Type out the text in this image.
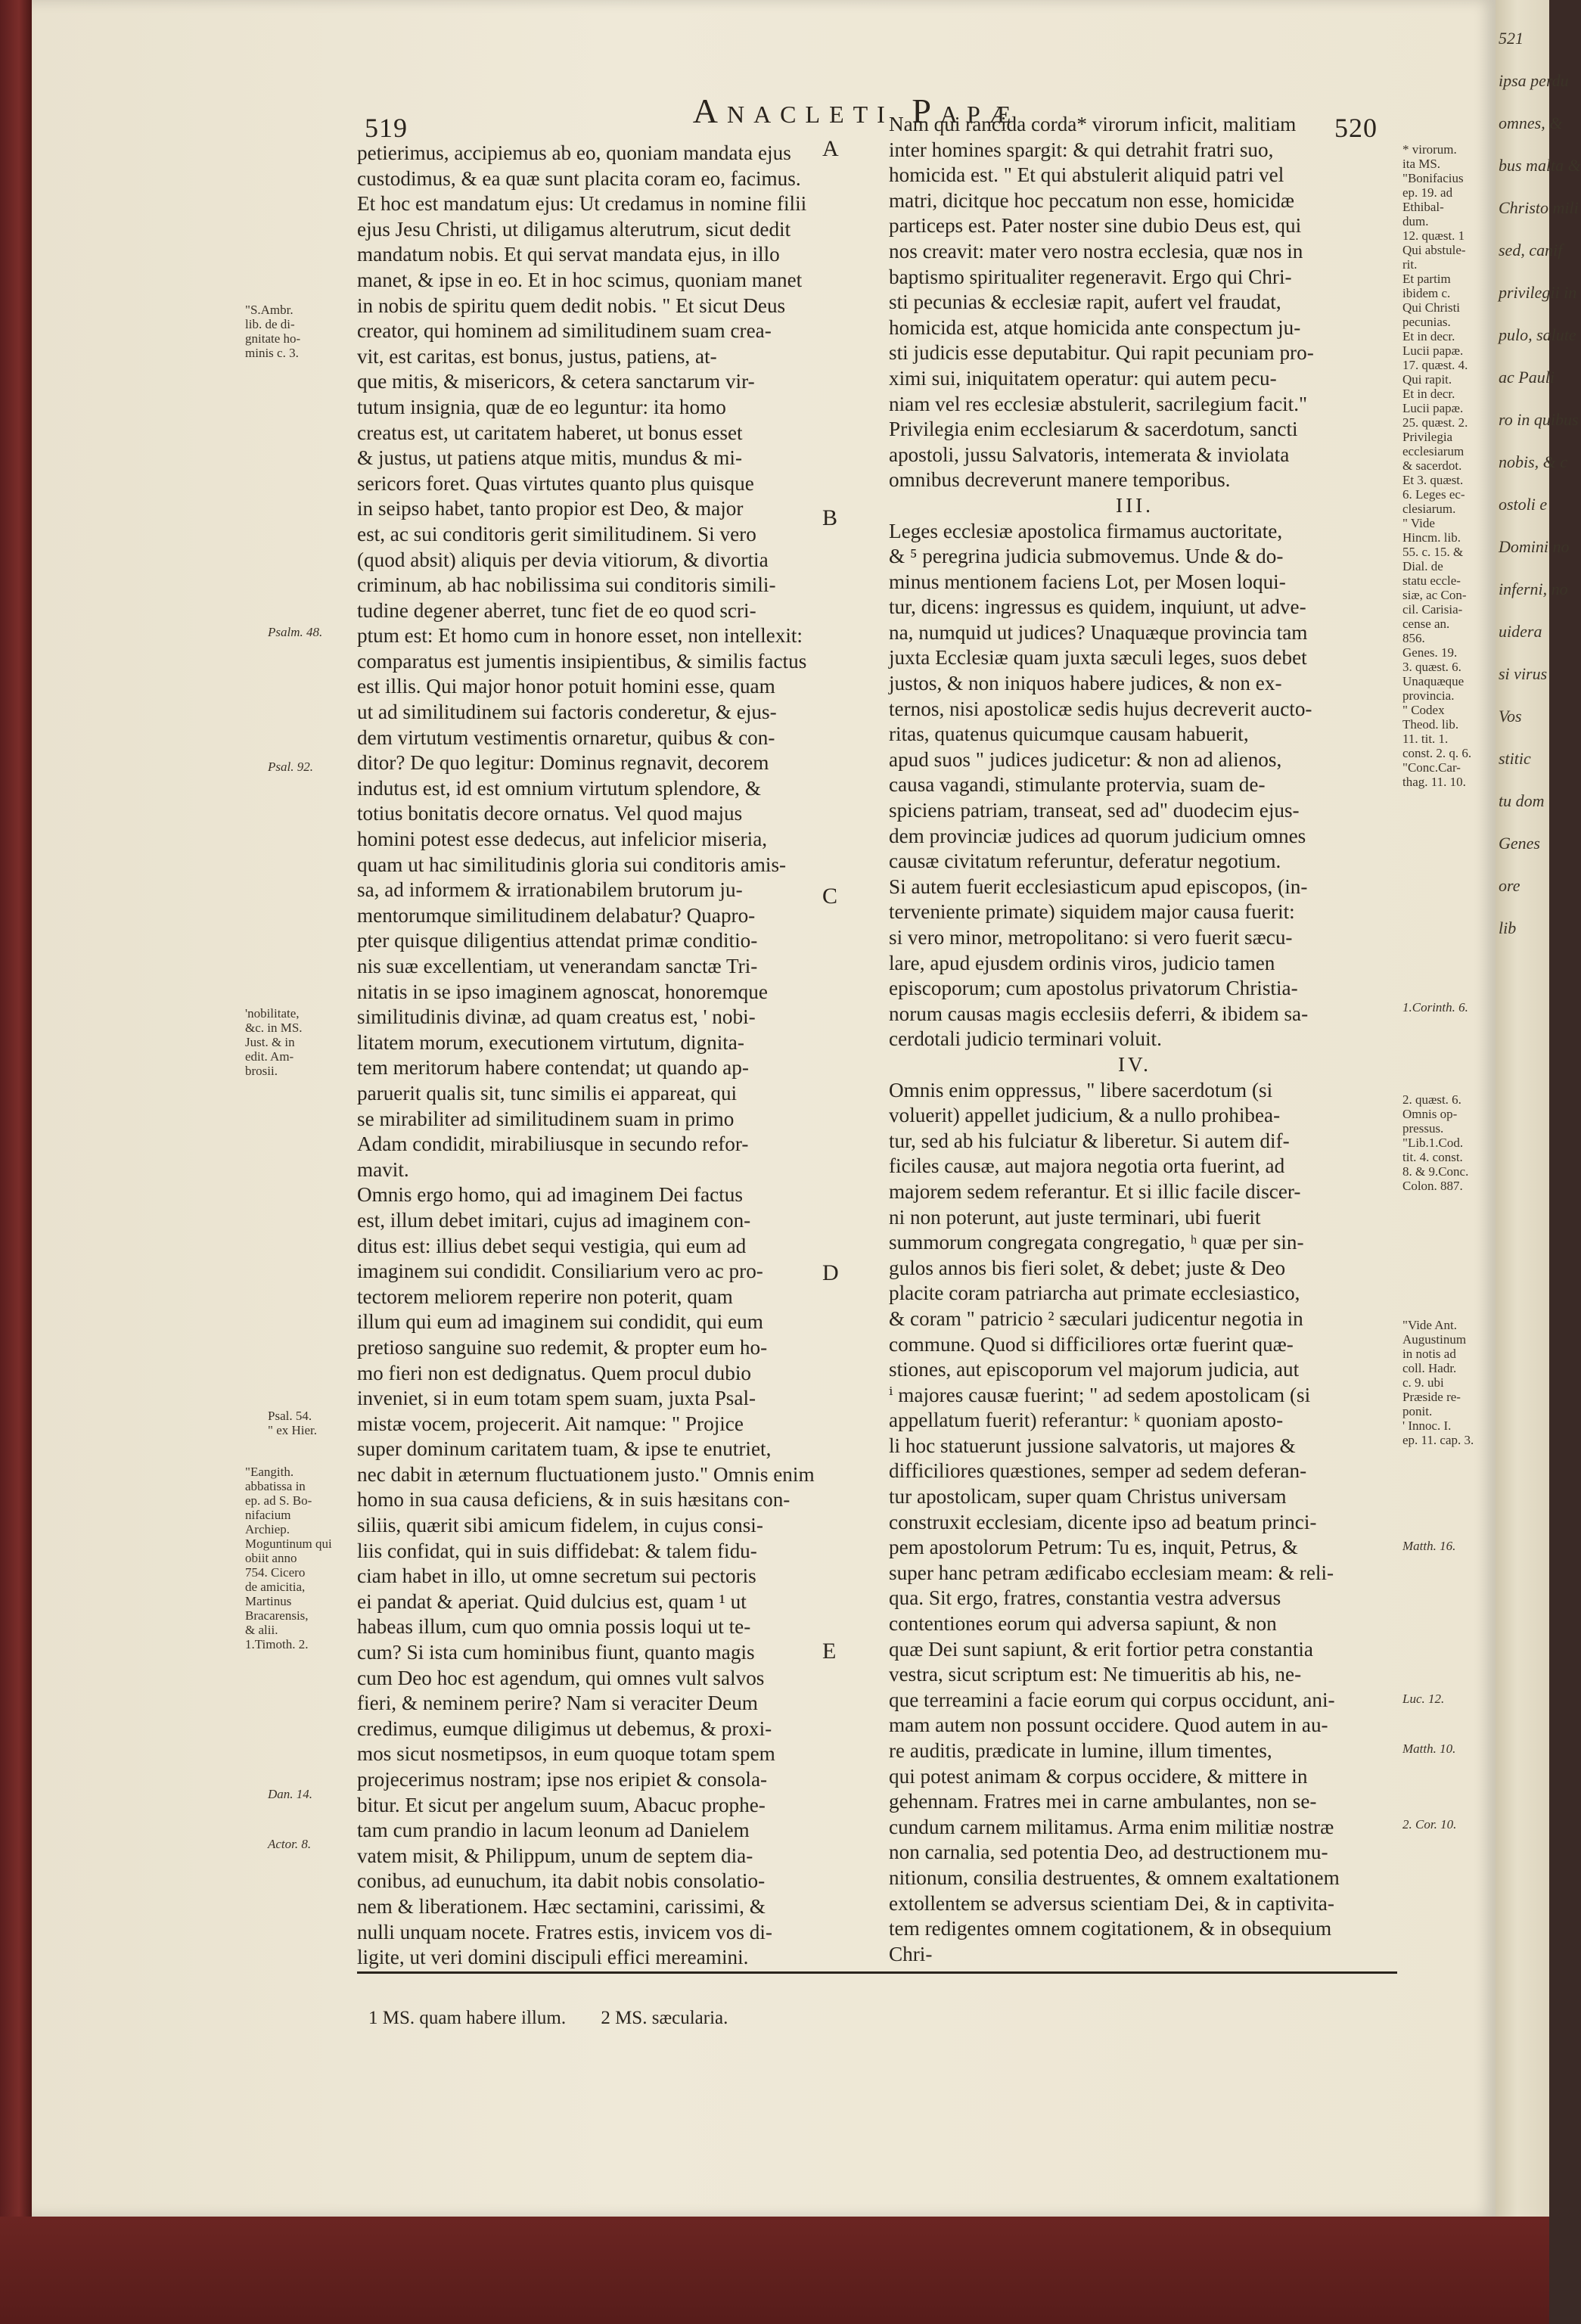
519	Anacleti Papæ	520
A
B
C
D
E
petierimus, accipiemus ab eo, quoniam mandata ejus
custodimus, & ea quæ sunt placita coram eo, facimus.
Et hoc est mandatum ejus: Ut credamus in nomine filii
ejus Jesu Christi, ut diligamus alterutrum, sicut dedit
mandatum nobis. Et qui servat mandata ejus, in illo
manet, & ipse in eo. Et in hoc scimus, quoniam manet
in nobis de spiritu quem dedit nobis. " Et sicut Deus
creator, qui hominem ad similitudinem suam crea-
vit, est caritas, est bonus, justus, patiens, at-
que mitis, & misericors, & cetera sanctarum vir-
tutum insignia, quæ de eo leguntur: ita homo
creatus est, ut caritatem haberet, ut bonus esset
& justus, ut patiens atque mitis, mundus & mi-
sericors foret. Quas virtutes quanto plus quisque
in seipso habet, tanto propior est Deo, & major
est, ac sui conditoris gerit similitudinem. Si vero
(quod absit) aliquis per devia vitiorum, & divortia
criminum, ab hac nobilissima sui conditoris simili-
tudine degener aberret, tunc fiet de eo quod scri-
ptum est: Et homo cum in honore esset, non intellexit:
comparatus est jumentis insipientibus, & similis factus
est illis. Qui major honor potuit homini esse, quam
ut ad similitudinem sui factoris conderetur, & ejus-
dem virtutum vestimentis ornaretur, quibus & con-
ditor? De quo legitur: Dominus regnavit, decorem
indutus est, id est omnium virtutum splendore, &
totius bonitatis decore ornatus. Vel quod majus
homini potest esse dedecus, aut infelicior miseria,
quam ut hac similitudinis gloria sui conditoris amis-
sa, ad informem & irrationabilem brutorum ju-
mentorumque similitudinem delabatur? Quapro-
pter quisque diligentius attendat primæ conditio-
nis suæ excellentiam, ut venerandam sanctæ Tri-
nitatis in se ipso imaginem agnoscat, honoremque
similitudinis divinæ, ad quam creatus est, ' nobi-
litatem morum, executionem virtutum, dignita-
tem meritorum habere contendat; ut quando ap-
paruerit qualis sit, tunc similis ei appareat, qui
se mirabiliter ad similitudinem suam in primo
Adam condidit, mirabiliusque in secundo refor-
mavit.
Omnis ergo homo, qui ad imaginem Dei factus
est, illum debet imitari, cujus ad imaginem con-
ditus est: illius debet sequi vestigia, qui eum ad
imaginem sui condidit. Consiliarium vero ac pro-
tectorem meliorem reperire non poterit, quam
illum qui eum ad imaginem sui condidit, qui eum
pretioso sanguine suo redemit, & propter eum ho-
mo fieri non est dedignatus. Quem procul dubio
inveniet, si in eum totam spem suam, juxta Psal-
mistæ vocem, projecerit. Ait namque: " Projice
super dominum caritatem tuam, & ipse te enutriet,
nec dabit in æternum fluctuationem justo." Omnis enim
homo in sua causa deficiens, & in suis hæsitans con-
siliis, quærit sibi amicum fidelem, in cujus consi-
liis confidat, qui in suis diffidebat: & talem fidu-
ciam habet in illo, ut omne secretum sui pectoris
ei pandat & aperiat. Quid dulcius est, quam ¹ ut
habeas illum, cum quo omnia possis loqui ut te-
cum? Si ista cum hominibus fiunt, quanto magis
cum Deo hoc est agendum, qui omnes vult salvos
fieri, & neminem perire? Nam si veraciter Deum
credimus, eumque diligimus ut debemus, & proxi-
mos sicut nosmetipsos, in eum quoque totam spem
projecerimus nostram; ipse nos eripiet & consola-
bitur. Et sicut per angelum suum, Abacuc prophe-
tam cum prandio in lacum leonum ad Danielem
vatem misit, & Philippum, unum de septem dia-
conibus, ad eunuchum, ita dabit nobis consolatio-
nem & liberationem. Hæc sectamini, carissimi, &
nulli unquam nocete. Fratres estis, invicem vos di-
ligite, ut veri domini discipuli effici mereamini.
Nam qui rancida corda* virorum inficit, malitiam
inter homines spargit: & qui detrahit fratri suo,
homicida est. " Et qui abstulerit aliquid patri vel
matri, dicitque hoc peccatum non esse, homicidæ
particeps est. Pater noster sine dubio Deus est, qui
nos creavit: mater vero nostra ecclesia, quæ nos in
baptismo spiritualiter regeneravit. Ergo qui Chri-
sti pecunias & ecclesiæ rapit, aufert vel fraudat,
homicida est, atque homicida ante conspectum ju-
sti judicis esse deputabitur. Qui rapit pecuniam pro-
ximi sui, iniquitatem operatur: qui autem pecu-
niam vel res ecclesiæ abstulerit, sacrilegium facit."
Privilegia enim ecclesiarum & sacerdotum, sancti
apostoli, jussu Salvatoris, intemerata & inviolata
omnibus decreverunt manere temporibus.
III.
Leges ecclesiæ apostolica firmamus auctoritate,
& ⁵ peregrina judicia submovemus. Unde & do-
minus mentionem faciens Lot, per Mosen loqui-
tur, dicens: ingressus es quidem, inquiunt, ut adve-
na, numquid ut judices? Unaquæque provincia tam
juxta Ecclesiæ quam juxta sæculi leges, suos debet
justos, & non iniquos habere judices, & non ex-
ternos, nisi apostolicæ sedis hujus decreverit aucto-
ritas, quatenus quicumque causam habuerit,
apud suos " judices judicetur: & non ad alienos,
causa vagandi, stimulante protervia, suam de-
spiciens patriam, transeat, sed ad" duodecim ejus-
dem provinciæ judices ad quorum judicium omnes
causæ civitatum referuntur, deferatur negotium.
Si autem fuerit ecclesiasticum apud episcopos, (in-
terveniente primate) siquidem major causa fuerit:
si vero minor, metropolitano: si vero fuerit sæcu-
lare, apud ejusdem ordinis viros, judicio tamen
episcoporum; cum apostolus privatorum Christia-
norum causas magis ecclesiis deferri, & ibidem sa-
cerdotali judicio terminari voluit.
IV.
Omnis enim oppressus, " libere sacerdotum (si
voluerit) appellet judicium, & a nullo prohibea-
tur, sed ab his fulciatur & liberetur. Si autem dif-
ficiles causæ, aut majora negotia orta fuerint, ad
majorem sedem referantur. Et si illic facile discer-
ni non poterunt, aut juste terminari, ubi fuerit
summorum congregata congregatio, ʰ quæ per sin-
gulos annos bis fieri solet, & debet; juste & Deo
placite coram patriarcha aut primate ecclesiastico,
& coram " patricio ² sæculari judicentur negotia in
commune. Quod si difficiliores ortæ fuerint quæ-
stiones, aut episcoporum vel majorum judicia, aut
ⁱ majores causæ fuerint; " ad sedem apostolicam (si
appellatum fuerit) referantur: ᵏ quoniam aposto-
li hoc statuerunt jussione salvatoris, ut majores &
difficiliores quæstiones, semper ad sedem deferan-
tur apostolicam, super quam Christus universam
construxit ecclesiam, dicente ipso ad beatum princi-
pem apostolorum Petrum: Tu es, inquit, Petrus, &
super hanc petram ædificabo ecclesiam meam: & reli-
qua. Sit ergo, fratres, constantia vestra adversus
contentiones eorum qui adversa sapiunt, & non
quæ Dei sunt sapiunt, & erit fortior petra constantia
vestra, sicut scriptum est: Ne timueritis ab his, ne-
que terreamini a facie eorum qui corpus occidunt, ani-
mam autem non possunt occidere. Quod autem in au-
re auditis, prædicate in lumine, illum timentes,
qui potest animam & corpus occidere, & mittere in
gehennam. Fratres mei in carne ambulantes, non se-
cundum carnem militamus. Arma enim militiæ nostræ
non carnalia, sed potentia Deo, ad destructionem mu-
nitionum, consilia destruentes, & omnem exaltationem
extollentem se adversus scientiam Dei, & in captivita-
tem redigentes omnem cogitationem, & in obsequium
Chri-
"S.Ambr.
lib. de di-
gnitate ho-
minis c. 3.
Psalm. 48.
Psal. 92.
'nobilitate,
&c. in MS.
Just. & in
edit. Am-
brosii.
Psal. 54.
" ex Hier.
"Eangith.
abbatissa in
ep. ad S. Bo-
nifacium
Archiep.
Moguntinum qui
obiit anno
754. Cicero
de amicitia,
Martinus
Bracarensis,
& alii.
1.Timoth. 2.
Dan. 14.
Actor. 8.
* virorum.
ita MS.
"Bonifacius
ep. 19. ad
Ethibal-
dum.
12. quæst. 1
Qui abstule-
rit.
Et partim
ibidem c.
Qui Christi
pecunias.
Et in decr.
Lucii papæ.
17. quæst. 4.
Qui rapit.
Et in decr.
Lucii papæ.
25. quæst. 2.
Privilegia
ecclesiarum
& sacerdot.
Et 3. quæst.
6. Leges ec-
clesiarum.
" Vide
Hincm. lib.
55. c. 15. &
Dial. de
statu eccle-
siæ, ac Con-
cil. Carisia-
cense an.
856.
Genes. 19.
3. quæst. 6.
Unaquæque
provincia.
" Codex
Theod. lib.
11. tit. 1.
const. 2. q. 6.
"Conc.Car-
thag. 11. 10.
1.Corinth. 6.
2. quæst. 6.
Omnis op-
pressus.
"Lib.1.Cod.
tit. 4. const.
8. & 9.Conc.
Colon. 887.
"Vide Ant.
Augustinum
in notis ad
coll. Hadr.
c. 9. ubi
Præside re-
ponit.
' Innoc. I.
ep. 11. cap. 3.
Matth. 16.
Luc. 12.
Matth. 10.
2. Cor. 10.
1 MS. quam habere illum. 2 MS. sæcularia.
521
ipsa perdu
omnes, &
bus malta &
Christo mili
sed, canif
privilegii in
pulo, salute
ac Pauli
ro in quibus
nobis, & c
ostoli e
Domini no
inferni, no
uidera
si virus
Vos
stitic
tu dom
Genes
ore
lib
